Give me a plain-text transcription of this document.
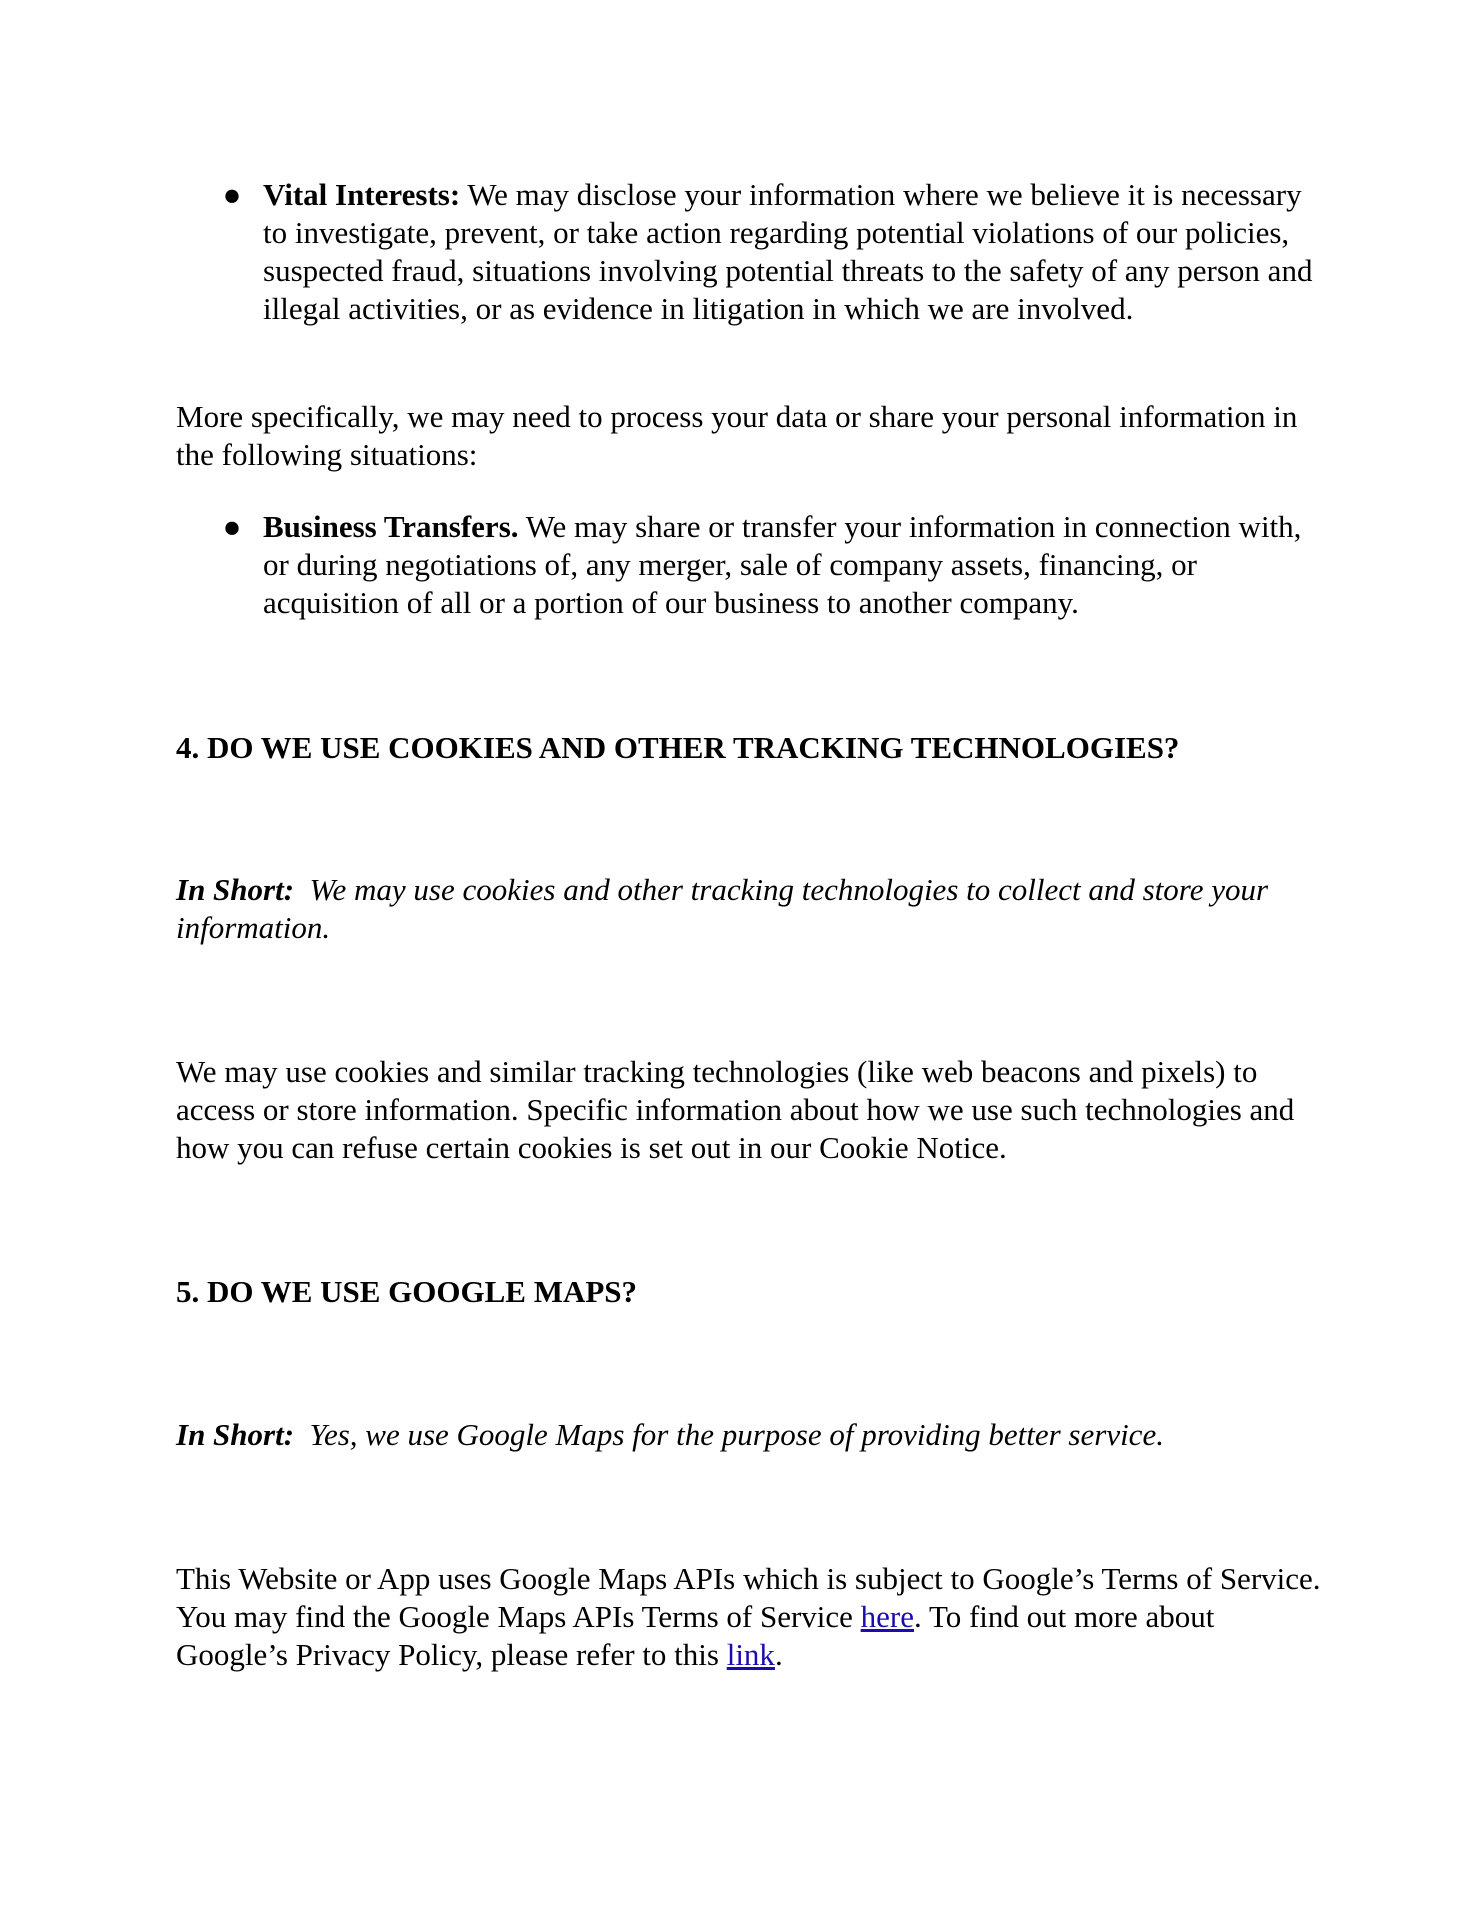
● Vital Interests: We may disclose your information where we believe it is necessary to investigate, prevent, or take action regarding potential violations of our policies, suspected fraud, situations involving potential threats to the safety of any person and illegal activities, or as evidence in litigation in which we are involved.
More specifically, we may need to process your data or share your personal information in the following situations:
● Business Transfers. We may share or transfer your information in connection with, or during negotiations of, any merger, sale of company assets, financing, or acquisition of all or a portion of our business to another company.
4. DO WE USE COOKIES AND OTHER TRACKING TECHNOLOGIES?
In Short: We may use cookies and other tracking technologies to collect and store your information.
We may use cookies and similar tracking technologies (like web beacons and pixels) to access or store information. Specific information about how we use such technologies and how you can refuse certain cookies is set out in our Cookie Notice.
5. DO WE USE GOOGLE MAPS?
In Short: Yes, we use Google Maps for the purpose of providing better service.
This Website or App uses Google Maps APIs which is subject to Google’s Terms of Service. You may find the Google Maps APIs Terms of Service here. To find out more about Google’s Privacy Policy, please refer to this link.
